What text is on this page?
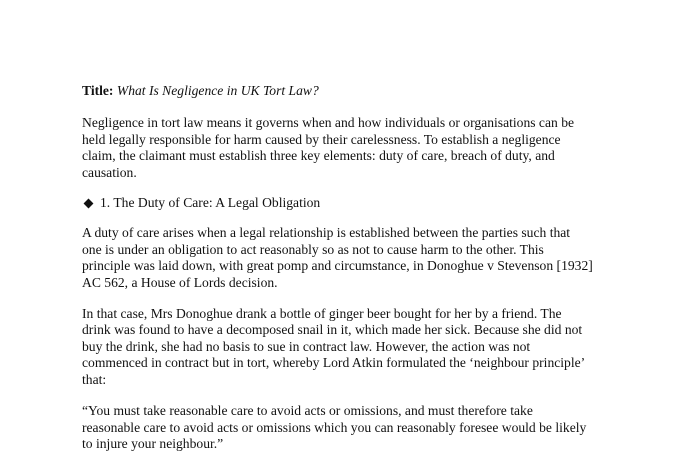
Title: What Is Negligence in UK Tort Law?

Negligence in tort law means it governs when and how individuals or organisations can be
held legally responsible for harm caused by their carelessness. To establish a negligence
claim, the claimant must establish three key elements: duty of care, breach of duty, and
causation.

1. The Duty of Care: A Legal Obligation

A duty of care arises when a legal relationship is established between the parties such that
one is under an obligation to act reasonably so as not to cause harm to the other. This
principle was laid down, with great pomp and circumstance, in Donoghue v Stevenson [1932]
AC 562, a House of Lords decision.

In that case, Mrs Donoghue drank a bottle of ginger beer bought for her by a friend. The
drink was found to have a decomposed snail in it, which made her sick. Because she did not
buy the drink, she had no basis to sue in contract law. However, the action was not
commenced in contract but in tort, whereby Lord Atkin formulated the ‘neighbour principle’
that:

“You must take reasonable care to avoid acts or omissions, and must therefore take
reasonable care to avoid acts or omissions which you can reasonably foresee would be likely
to injure your neighbour.”
